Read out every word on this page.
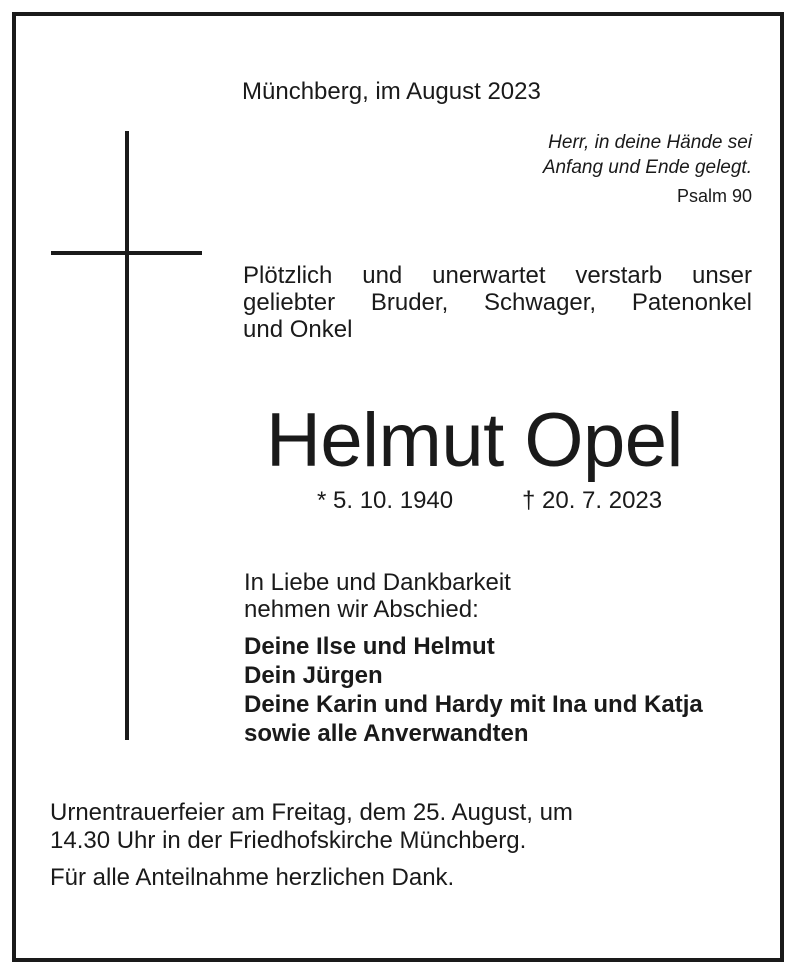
Münchberg, im August 2023
Herr, in deine Hände sei
Anfang und Ende gelegt.
Psalm 90
Plötzlich und unerwartet verstarb unser
geliebter Bruder, Schwager, Patenonkel
und Onkel
Helmut Opel
* 5. 10. 1940	† 20. 7. 2023
In Liebe und Dankbarkeit
nehmen wir Abschied:
Deine Ilse und Helmut
Dein Jürgen
Deine Karin und Hardy mit Ina und Katja
sowie alle Anverwandten
Urnentrauerfeier am Freitag, dem 25. August, um
14.30 Uhr in der Friedhofskirche Münchberg.
Für alle Anteilnahme herzlichen Dank.
